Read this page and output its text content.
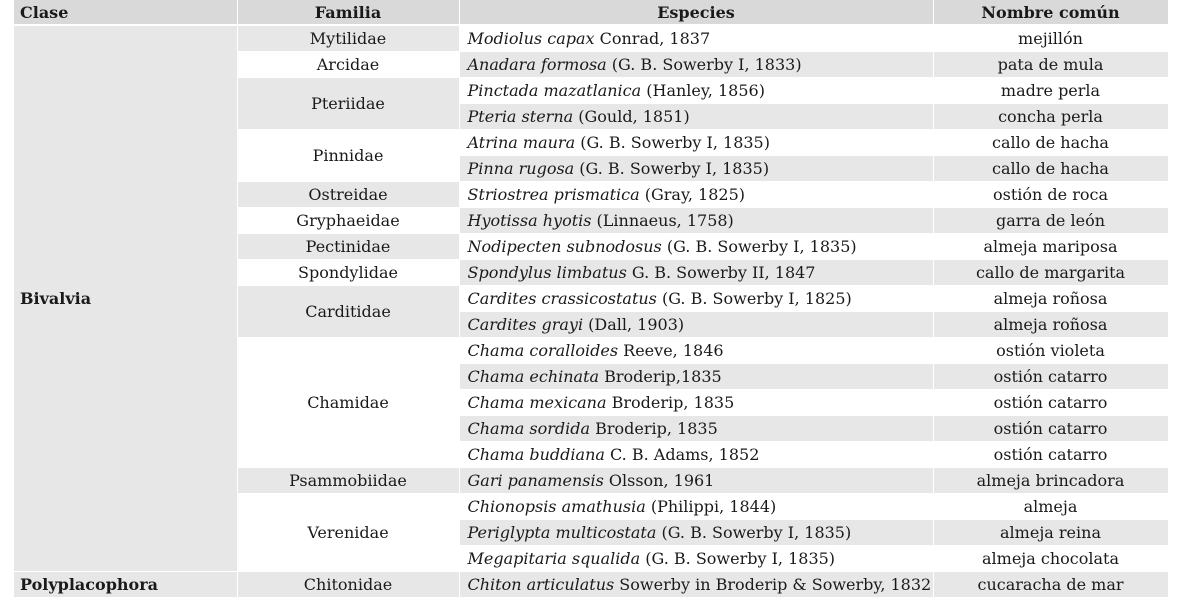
Clase	Familia	Especies	Nombre común
Bivalvia	Mytilidae	Modiolus capax Conrad, 1837	mejillón
	Arcidae	Anadara formosa (G. B. Sowerby I, 1833)	pata de mula
	Pteriidae	Pinctada mazatlanica (Hanley, 1856)	madre perla
		Pteria sterna (Gould, 1851)	concha perla
	Pinnidae	Atrina maura (G. B. Sowerby I, 1835)	callo de hacha
		Pinna rugosa (G. B. Sowerby I, 1835)	callo de hacha
	Ostreidae	Striostrea prismatica (Gray, 1825)	ostión de roca
	Gryphaeidae	Hyotissa hyotis (Linnaeus, 1758)	garra de león
	Pectinidae	Nodipecten subnodosus (G. B. Sowerby I, 1835)	almeja mariposa
	Spondylidae	Spondylus limbatus G. B. Sowerby II, 1847	callo de margarita
	Carditidae	Cardites crassicostatus (G. B. Sowerby I, 1825)	almeja roñosa
		Cardites grayi (Dall, 1903)	almeja roñosa
	Chamidae	Chama coralloides Reeve, 1846	ostión violeta
		Chama echinata Broderip,1835	ostión catarro
		Chama mexicana Broderip, 1835	ostión catarro
		Chama sordida Broderip, 1835	ostión catarro
		Chama buddiana C. B. Adams, 1852	ostión catarro
	Psammobiidae	Gari panamensis Olsson, 1961	almeja brincadora
	Verenidae	Chionopsis amathusia (Philippi, 1844)	almeja
		Periglypta multicostata (G. B. Sowerby I, 1835)	almeja reina
		Megapitaria squalida (G. B. Sowerby I, 1835)	almeja chocolata
Polyplacophora	Chitonidae	Chiton articulatus Sowerby in Broderip & Sowerby, 1832	cucaracha de mar
